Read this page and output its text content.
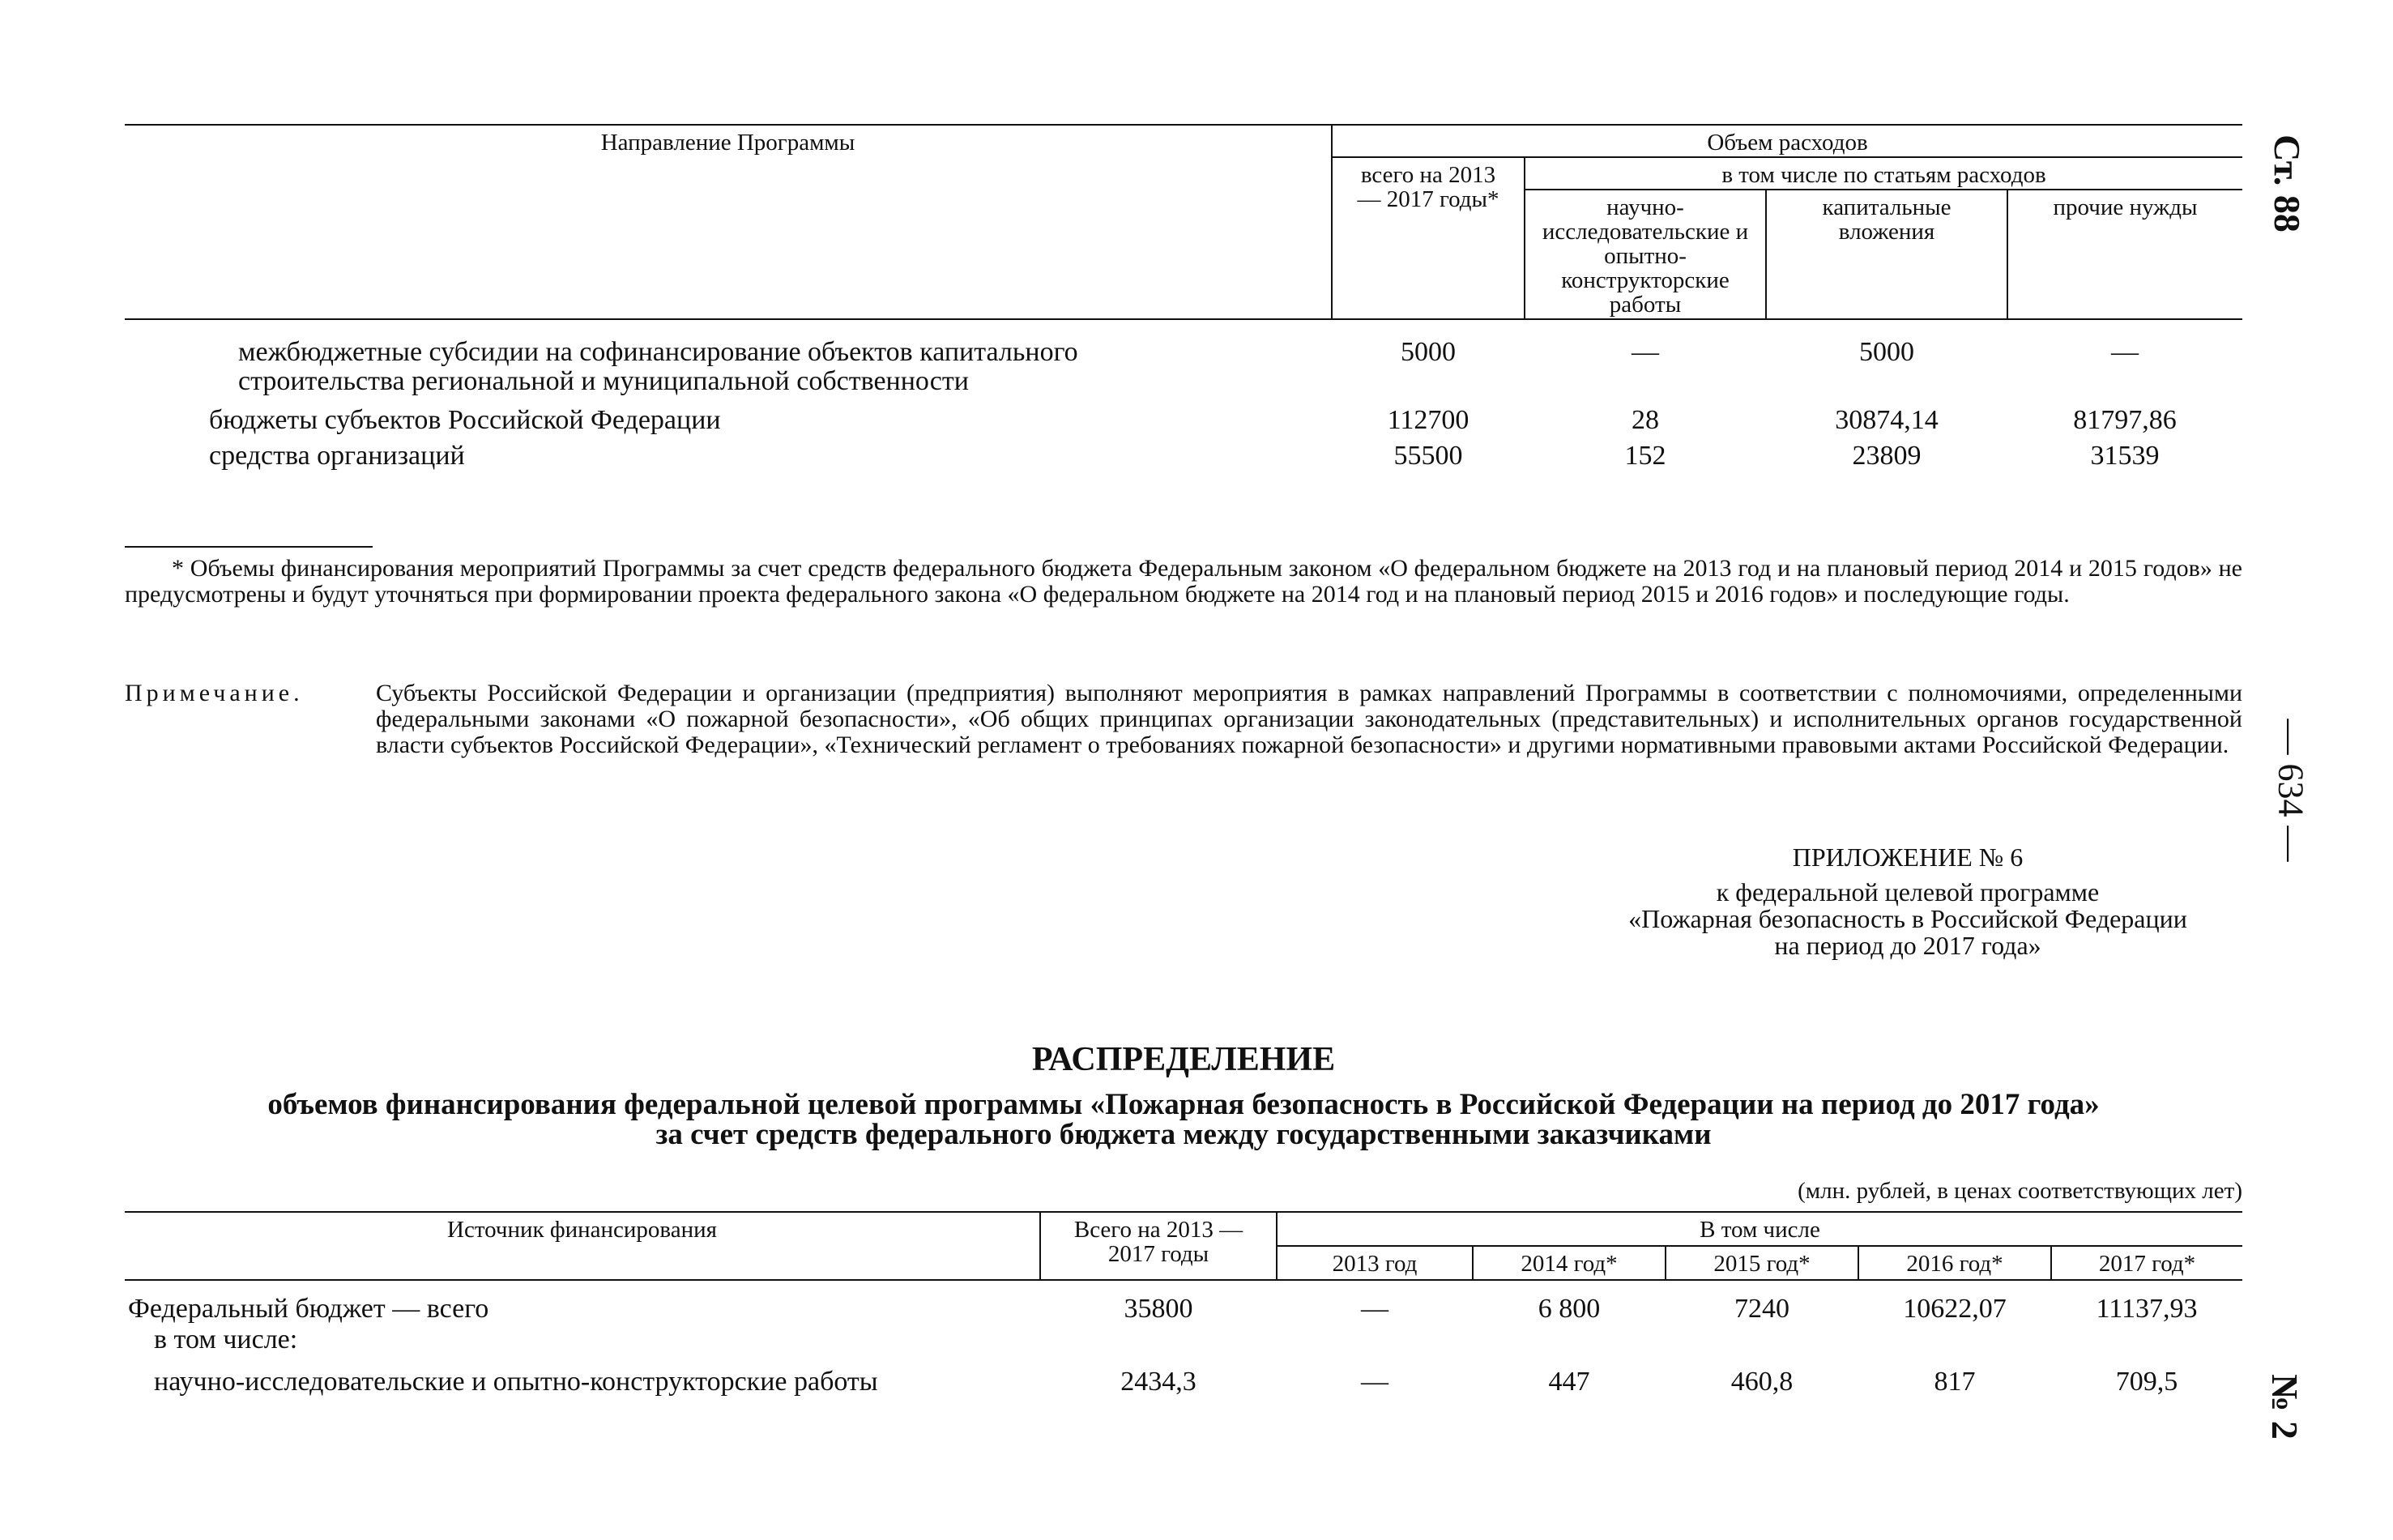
Ст. 88
— 634 —
№ 2
Направление Программы	Объем расходов			
	всего на 2013 — 2017 годы*	в том числе по статьям расходов		
		научно-исследовательские и опытно-конструкторские работы	капитальные вложения	прочие нужды
межбюджетные субсидии на софинансирование объектов капитального строительства региональной и муниципальной собственности	5000	—	5000	—
бюджеты субъектов Российской Федерации	112700	28	30874,14	81797,86
средства организаций	55500	152	23809	31539
* Объемы финансирования мероприятий Программы за счет средств федерального бюджета Федеральным законом «О федеральном бюджете на 2013 год и на плановый период 2014 и 2015 годов» не предусмотрены и будут уточняться при формировании проекта федерального закона «О федеральном бюджете на 2014 год и на плановый период 2015 и 2016 годов» и последующие годы.
Примечание.	Субъекты Российской Федерации и организации (предприятия) выполняют мероприятия в рамках направлений Программы в соответствии с полномочиями, определенными федеральными законами «О пожарной безопасности», «Об общих принципах организации законодательных (представительных) и исполнительных органов государственной власти субъектов Российской Федерации», «Технический регламент о требованиях пожарной безопасности» и другими нормативными правовыми актами Российской Федерации.
ПРИЛОЖЕНИЕ № 6
к федеральной целевой программе
«Пожарная безопасность в Российской Федерации
на период до 2017 года»
РАСПРЕДЕЛЕНИЕ
объемов финансирования федеральной целевой программы «Пожарная безопасность в Российской Федерации на период до 2017 года»
за счет средств федерального бюджета между государственными заказчиками
(млн. рублей, в ценах соответствующих лет)
Источник финансирования	Всего на 2013 — 2017 годы	В том числе				
		2013 год	2014 год*	2015 год*	2016 год*	2017 год*
Федеральный бюджет — всего	35800	—	6 800	7240	10622,07	11137,93
в том числе:						
научно-исследовательские и опытно-конструкторские работы	2434,3	—	447	460,8	817	709,5
